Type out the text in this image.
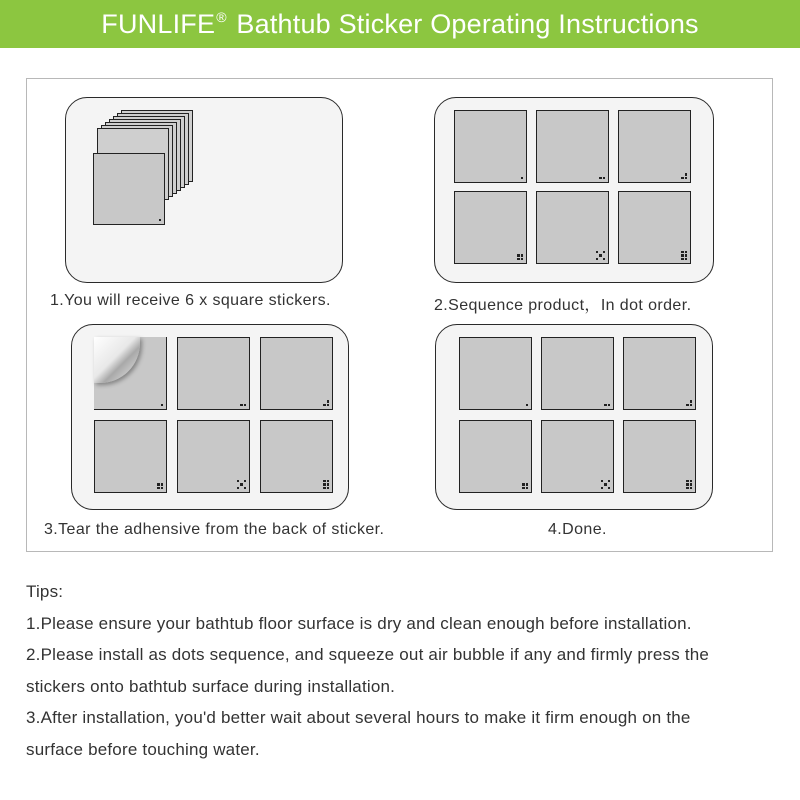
FUNLIFE® Bathtub Sticker Operating Instructions
1.You will receive 6 x square stickers.	2.Sequence product，In dot order.
3.Tear the adhensive from the back of sticker.	4.Done.
Tips:
1.Please ensure your bathtub floor surface is dry and clean enough before installation.
2.Please install as dots sequence, and squeeze out air bubble if any and firmly press the
stickers onto bathtub surface during installation.
3.After installation, you'd better wait about several hours to make it firm enough on the
surface before touching water.
